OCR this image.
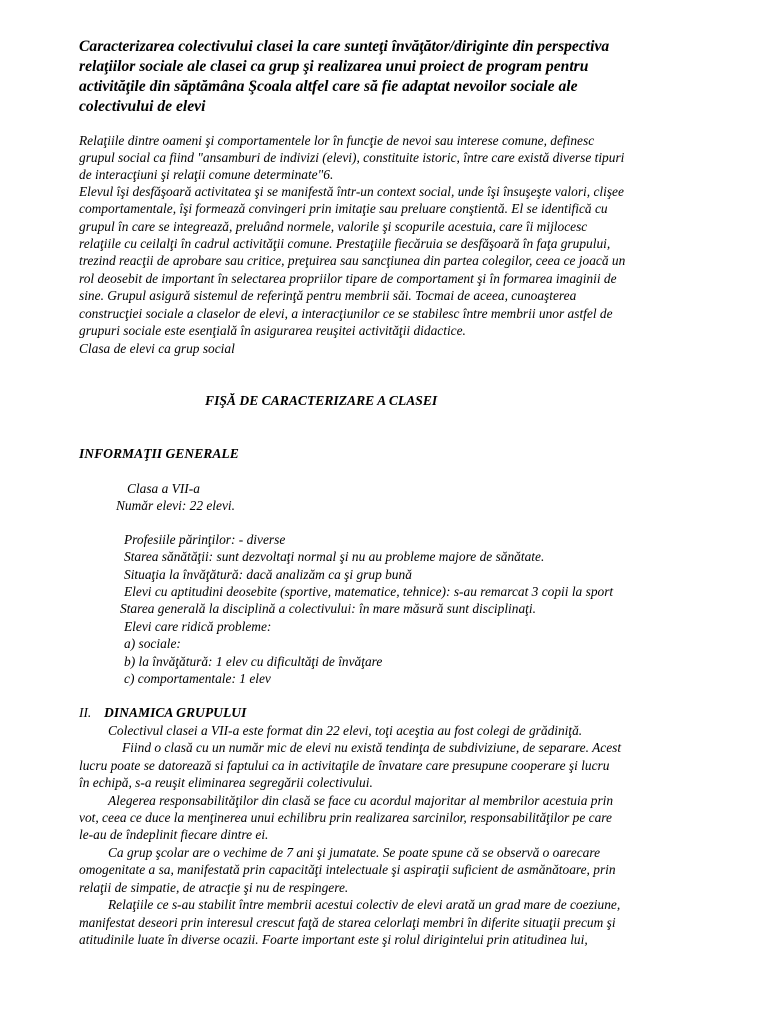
Caracterizarea colectivului clasei la care sunteţi învăţător/diriginte din perspectiva
relaţiilor sociale ale clasei ca grup şi realizarea unui proiect de program pentru
activităţile din săptămâna Şcoala altfel care să fie adaptat nevoilor sociale ale
colectivului de elevi
Relaţiile dintre oameni şi comportamentele lor în funcţie de nevoi sau interese comune, definesc
grupul social ca fiind "ansamburi de indivizi (elevi), constituite istoric, între care există diverse tipuri
de interacţiuni şi relaţii comune determinate"6.
Elevul îşi desfăşoară activitatea şi se manifestă într-un context social, unde îşi însuşeşte valori, clişee
comportamentale, îşi formează convingeri prin imitaţie sau preluare conştientă. El se identifică cu
grupul în care se integrează, preluând normele, valorile şi scopurile acestuia, care îi mijlocesc
relaţiile cu ceilalţi în cadrul activităţii comune. Prestaţiile fiecăruia se desfăşoară în faţa grupului,
trezind reacţii de aprobare sau critice, preţuirea sau sancţiunea din partea colegilor, ceea ce joacă un
rol deosebit de important în selectarea propriilor tipare de comportament şi în formarea imaginii de
sine. Grupul asigură sistemul de referinţă pentru membrii săi. Tocmai de aceea, cunoaşterea
construcţiei sociale a claselor de elevi, a interacţiunilor ce se stabilesc între membrii unor astfel de
grupuri sociale este esenţială în asigurarea reuşitei activităţii didactice.
Clasa de elevi ca grup social
FIŞĂ DE CARACTERIZARE A CLASEI
INFORMAŢII GENERALE
Clasa a VII-a
Număr elevi: 22 elevi.
Profesiile părinţilor: - diverse
Starea sănătăţii: sunt dezvoltaţi normal şi nu au probleme majore de sănătate.
Situaţia la învăţătură: dacă analizăm ca şi grup bună
Elevi cu aptitudini deosebite (sportive, matematice, tehnice): s-au remarcat 3 copii la sport
Starea generală la disciplină a colectivului: în mare măsură sunt disciplinaţi.
Elevi care ridică probleme:
a) sociale:
b) la învăţătură: 1 elev cu dificultăţi de învăţare
c) comportamentale: 1 elev
II. DINAMICA GRUPULUI
Colectivul clasei a VII-a este format din 22 elevi, toţi aceştia au fost colegi de grădiniţă.
Fiind o clasă cu un număr mic de elevi nu există tendinţa de subdiviziune, de separare. Acest
lucru poate se datorează si faptului ca in activitaţile de învatare care presupune cooperare şi lucru
în echipă, s-a reuşit eliminarea segregării colectivului.
Alegerea responsabilităţilor din clasă se face cu acordul majoritar al membrilor acestuia prin
vot, ceea ce duce la menţinerea unui echilibru prin realizarea sarcinilor, responsabilităţilor pe care
le-au de îndeplinit fiecare dintre ei.
Ca grup şcolar are o vechime de 7 ani şi jumatate. Se poate spune că se observă o oarecare
omogenitate a sa, manifestată prin capacităţi intelectuale şi aspiraţii suficient de asmănătoare, prin
relaţii de simpatie, de atracţie şi nu de respingere.
Relaţiile ce s-au stabilit între membrii acestui colectiv de elevi arată un grad mare de coeziune,
manifestat deseori prin interesul crescut faţă de starea celorlaţi membri în diferite situaţii precum şi
atitudinile luate în diverse ocazii. Foarte important este şi rolul dirigintelui prin atitudinea lui,
